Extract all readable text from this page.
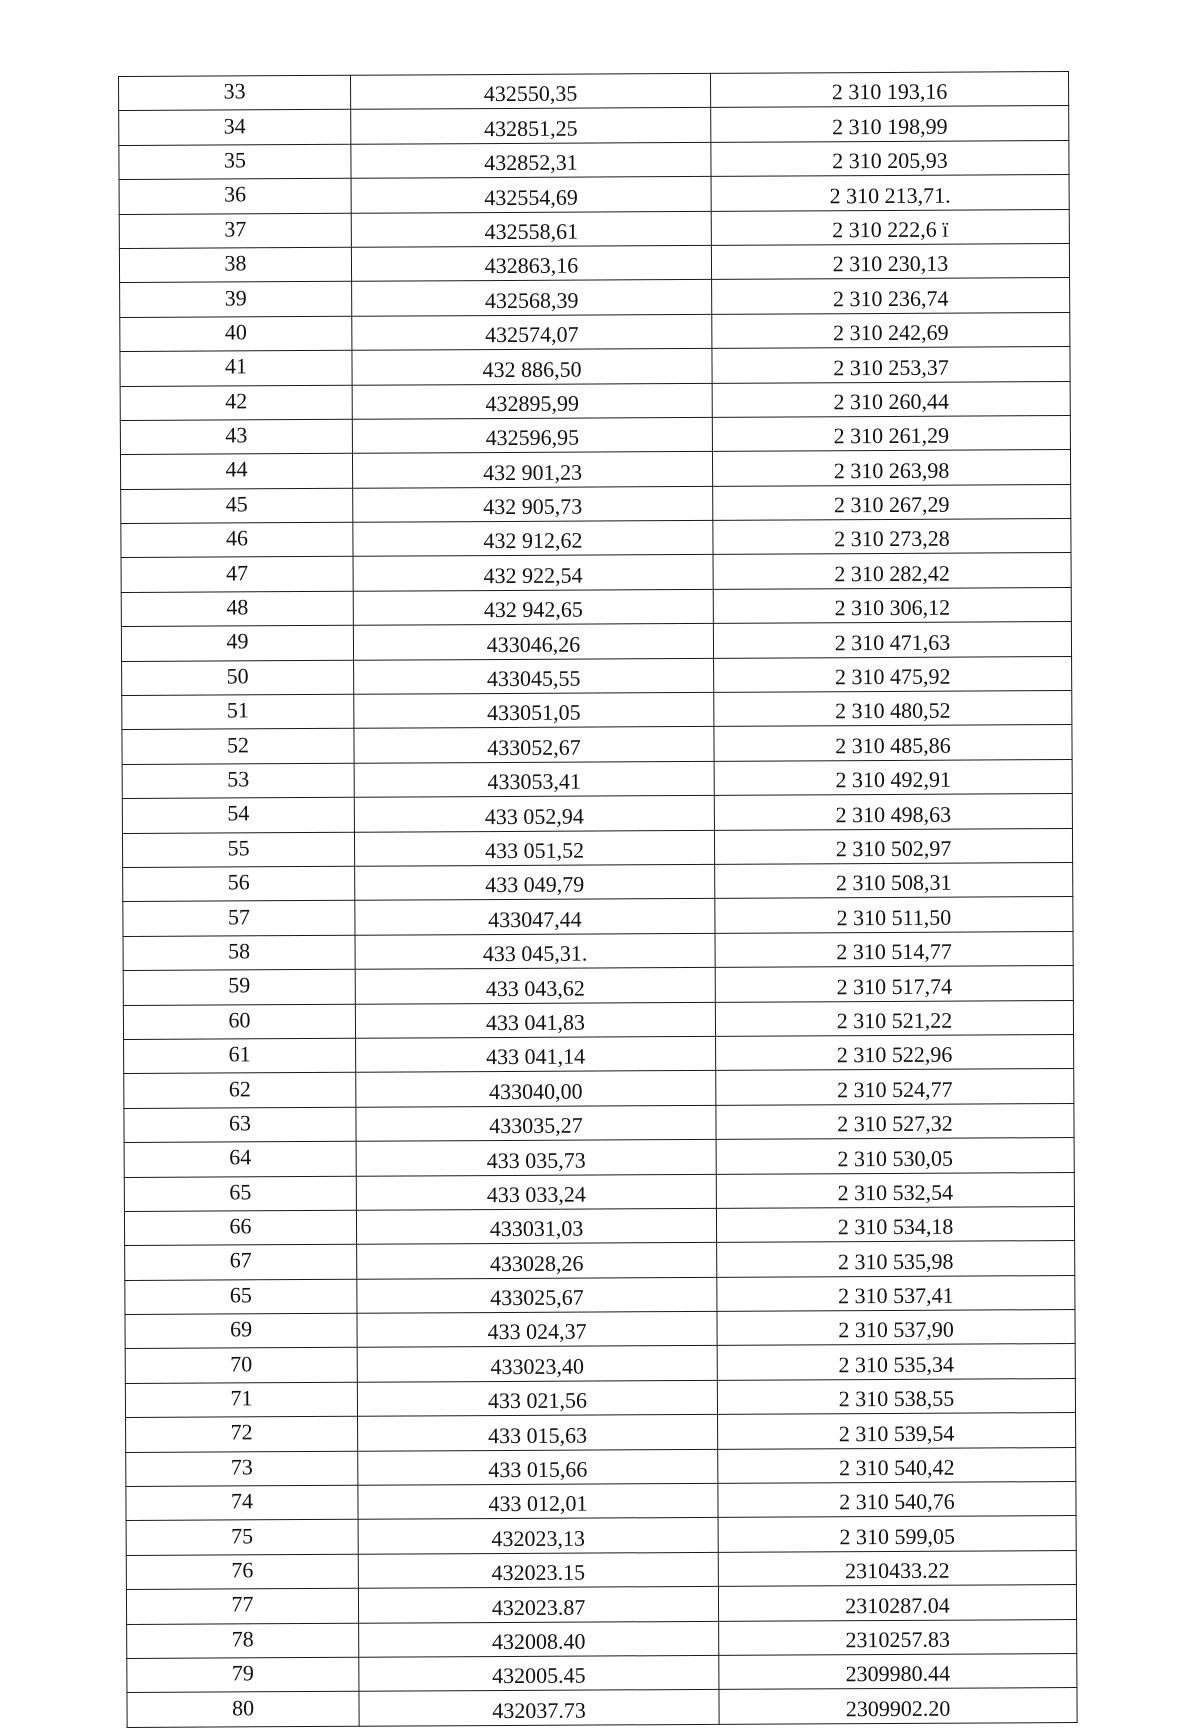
33	432550,35	2 310 193,16
34	432851,25	2 310 198,99
35	432852,31	2 310 205,93
36	432554,69	2 310 213,71.
37	432558,61	2 310 222,6 ї
38	432863,16	2 310 230,13
39	432568,39	2 310 236,74
40	432574,07	2 310 242,69
41	432 886,50	2 310 253,37
42	432895,99	2 310 260,44
43	432596,95	2 310 261,29
44	432 901,23	2 310 263,98
45	432 905,73	2 310 267,29
46	432 912,62	2 310 273,28
47	432 922,54	2 310 282,42
48	432 942,65	2 310 306,12
49	433046,26	2 310 471,63
50	433045,55	2 310 475,92
51	433051,05	2 310 480,52
52	433052,67	2 310 485,86
53	433053,41	2 310 492,91
54	433 052,94	2 310 498,63
55	433 051,52	2 310 502,97
56	433 049,79	2 310 508,31
57	433047,44	2 310 511,50
58	433 045,31.	2 310 514,77
59	433 043,62	2 310 517,74
60	433 041,83	2 310 521,22
61	433 041,14	2 310 522,96
62	433040,00	2 310 524,77
63	433035,27	2 310 527,32
64	433 035,73	2 310 530,05
65	433 033,24	2 310 532,54
66	433031,03	2 310 534,18
67	433028,26	2 310 535,98
65	433025,67	2 310 537,41
69	433 024,37	2 310 537,90
70	433023,40	2 310 535,34
71	433 021,56	2 310 538,55
72	433 015,63	2 310 539,54
73	433 015,66	2 310 540,42
74	433 012,01	2 310 540,76
75	432023,13	2 310 599,05
76	432023.15	2310433.22
77	432023.87	2310287.04
78	432008.40	2310257.83
79	432005.45	2309980.44
80	432037.73	2309902.20
